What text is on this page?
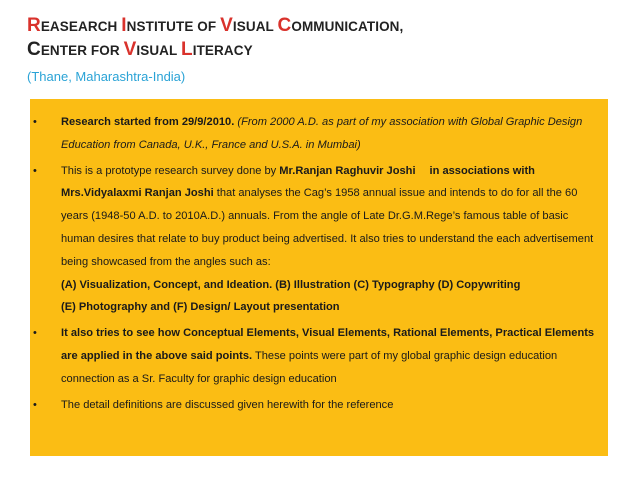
REASEARCH INSTITUTE OF VISUAL COMMUNICATION,
CENTER FOR VISUAL LITERACY
(Thane, Maharashtra-India)
• Research started from 29/9/2010. (From 2000 A.D. as part of my association with Global Graphic Design Education from Canada, U.K., France and U.S.A. in Mumbai)
• This is a prototype research survey done by Mr.Ranjan Raghuvir Joshi in associations with Mrs.Vidyalaxmi Ranjan Joshi that analyses the Cag’s 1958 annual issue and intends to do for all the 60 years (1948-50 A.D. to 2010A.D.) annuals. From the angle of Late Dr.G.M.Rege’s famous table of basic human desires that relate to buy product being advertised. It also tries to understand the each advertisement being showcased from the angles such as:
(A) Visualization, Concept, and Ideation. (B) Illustration (C) Typography (D) Copywriting
(E) Photography and (F) Design/ Layout presentation
• It also tries to see how Conceptual Elements, Visual Elements, Rational Elements, Practical Elements are applied in the above said points. These points were part of my global graphic design education connection as a Sr. Faculty for graphic design education
• The detail definitions are discussed given herewith for the reference
